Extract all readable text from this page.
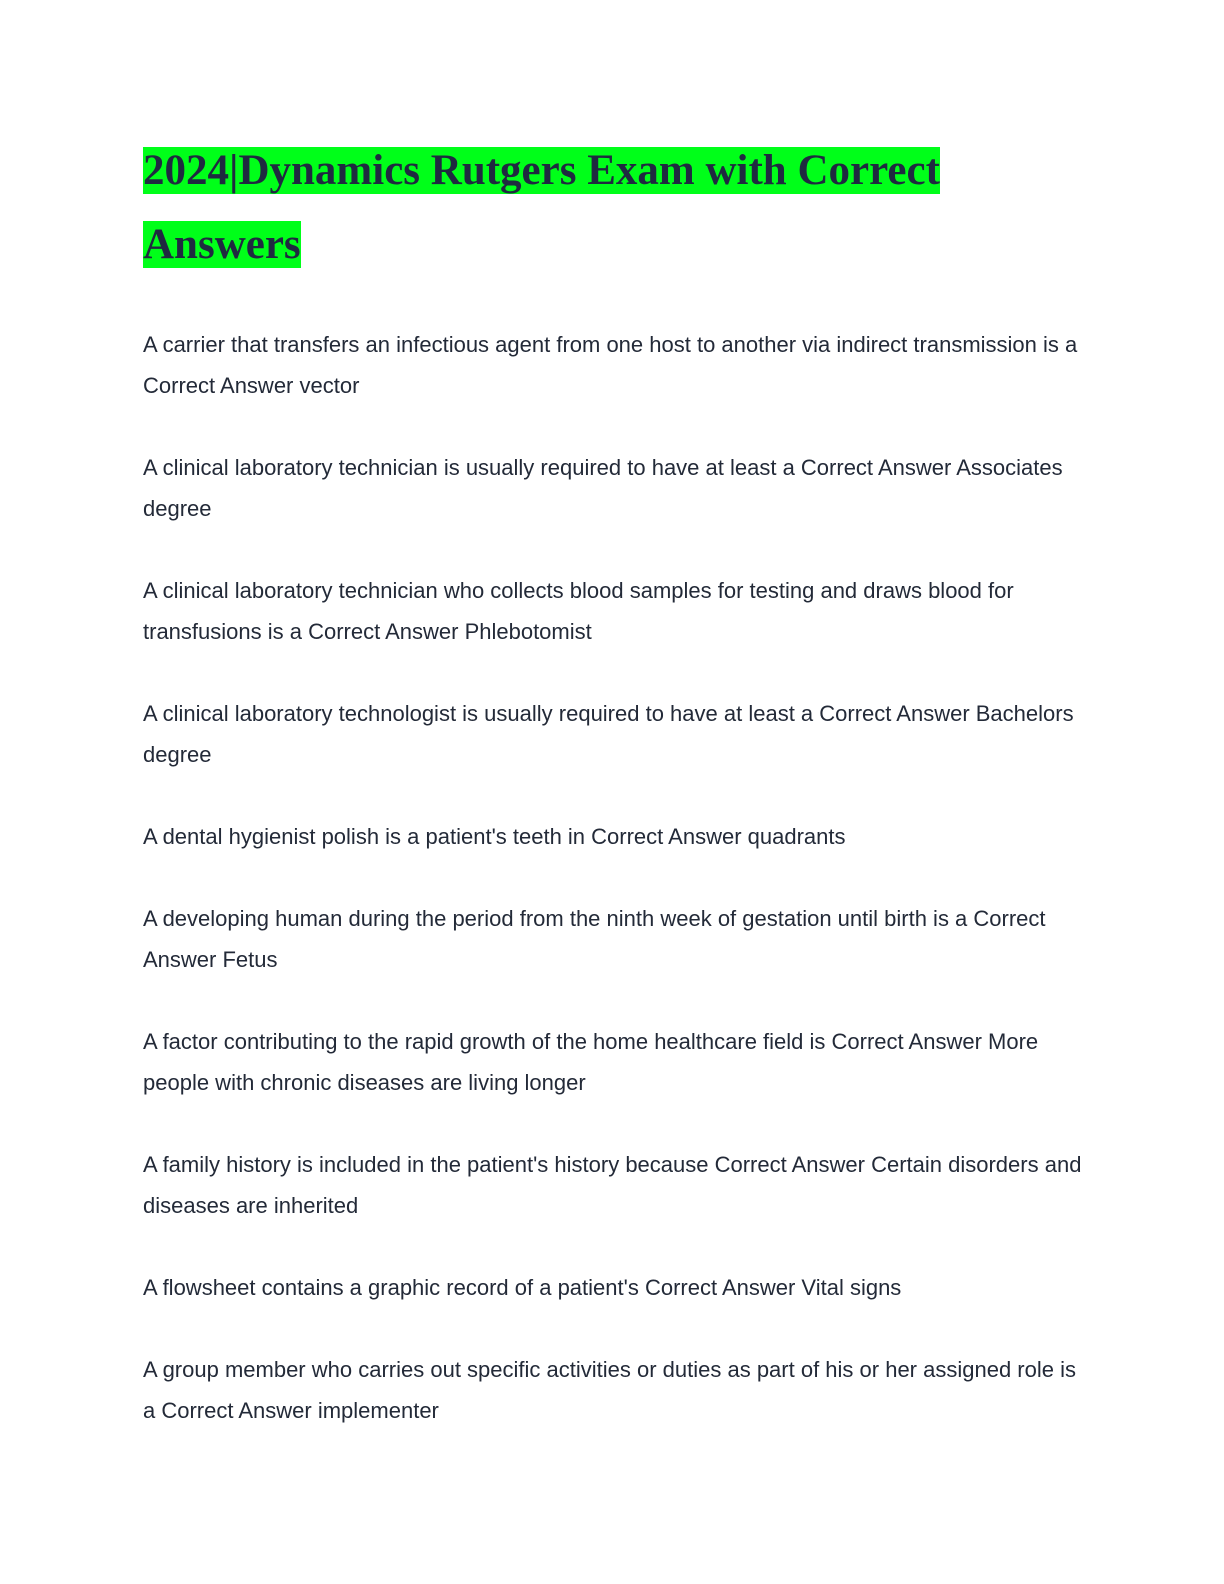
2024|Dynamics Rutgers Exam with Correct Answers

A carrier that transfers an infectious agent from one host to another via indirect transmission is a Correct Answer vector

A clinical laboratory technician is usually required to have at least a Correct Answer Associates degree

A clinical laboratory technician who collects blood samples for testing and draws blood for transfusions is a Correct Answer Phlebotomist

A clinical laboratory technologist is usually required to have at least a Correct Answer Bachelors degree

A dental hygienist polish is a patient's teeth in Correct Answer quadrants

A developing human during the period from the ninth week of gestation until birth is a Correct Answer Fetus

A factor contributing to the rapid growth of the home healthcare field is Correct Answer More people with chronic diseases are living longer

A family history is included in the patient's history because Correct Answer Certain disorders and diseases are inherited

A flowsheet contains a graphic record of a patient's Correct Answer Vital signs

A group member who carries out specific activities or duties as part of his or her assigned role is a Correct Answer implementer
